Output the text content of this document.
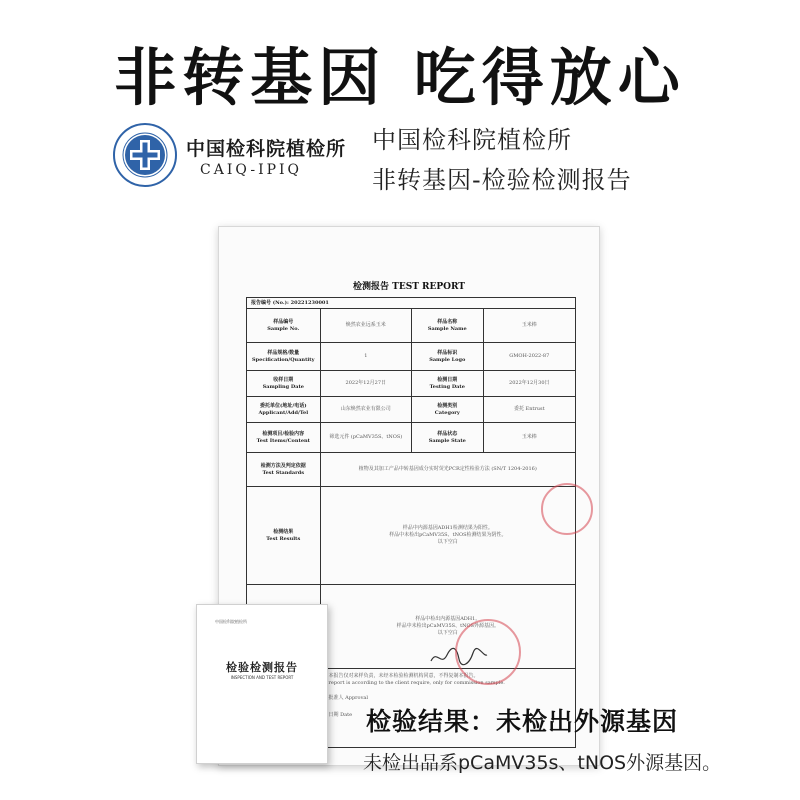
非转基因 吃得放心
中国检科院植检所
CAIQ-IPIQ
中国检科院植检所
非转基因-检验检测报告
检测报告 TEST REPORT
报告编号 (No.): 20221230001
样品编号
Sample No.
焕然农业远系玉米
样品名称
Sample Name
玉米棒
样品规格/数量
Specification/Quantity
1
样品标识
Sample Logo
GMOH-2022-87
收样日期
Sampling Date
2022年12月27日
检测日期
Testing Date
2022年12月30日
委托单位(地址/电话)
Applicant/Add/Tel
山东焕然农业有限公司
检测类别
Category
委托 Entrust
检测项目/检验内容
Test Items/Content
筛选元件 (pCaMV35S、tNOS)
样品状态
Sample State
玉米棒
检测方法及判定依据
Test Standards
植物及其加工产品中转基因成分实时荧光PCR定性检验方法 (SN/T 1204-2016)
检测结果
Test Results
样品中内源基因ADH1检测结果为阳性。
样品中未检出pCaMV35S、tNOS检测结果为阴性。
以下空白

样品中检出内源基因ADH1。
样品中未检出pCaMV35S、tNOS外源基因。
以下空白
本报告仅对来样负责，未经本检验检测机构同意，不得复制本报告。
report is according to the client require, only for commission sample.
批准人 Approval
日期 Date
中国检科院植检所
检验检测报告
INSPECTION AND TEST REPORT
检验结果：未检出外源基因
未检出品系pCaMV35s、tNOS外源基因。
